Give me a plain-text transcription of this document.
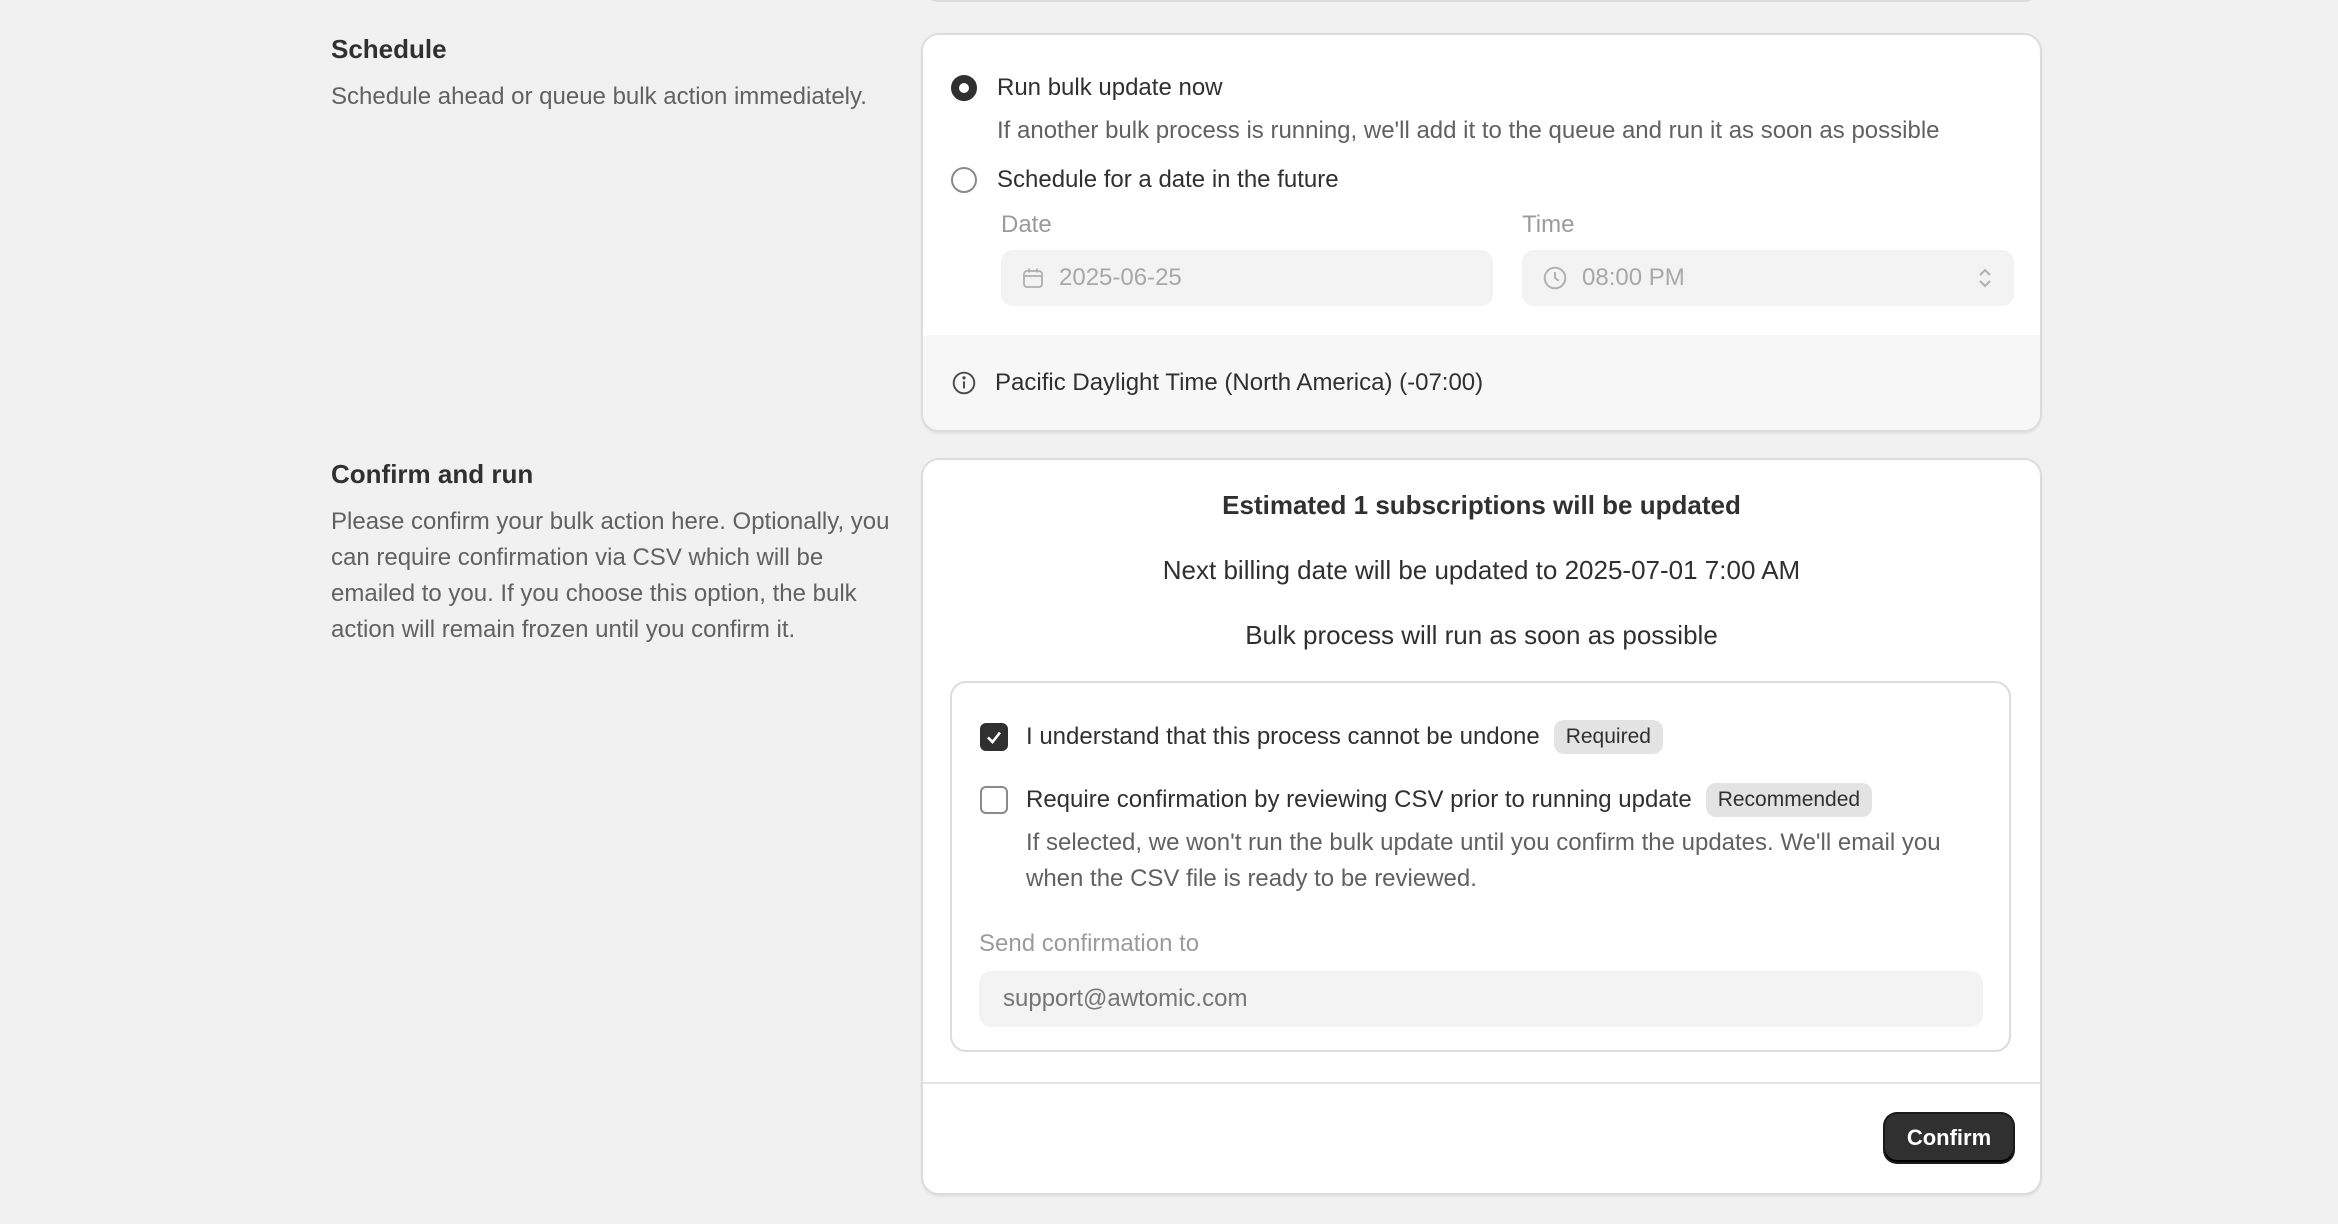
Schedule
Schedule ahead or queue bulk action immediately.	Run bulk update now
If another bulk process is running, we'll add it to the queue and run it as soon as possible
Schedule for a date in the future
Date
2025-06-25	Time
08:00 PM
Pacific Daylight Time (North America) (-07:00)
Confirm and run
Please confirm your bulk action here. Optionally, you can require confirmation via CSV which will be emailed to you. If you choose this option, the bulk action will remain frozen until you confirm it.
Estimated 1 subscriptions will be updated
Next billing date will be updated to 2025-07-01 7:00 AM
Bulk process will run as soon as possible
I understand that this process cannot be undone	Required
Require confirmation by reviewing CSV prior to running update	Recommended
If selected, we won't run the bulk update until you confirm the updates. We'll email you when the CSV file is ready to be reviewed.
Send confirmation to
support@awtomic.com
Confirm
